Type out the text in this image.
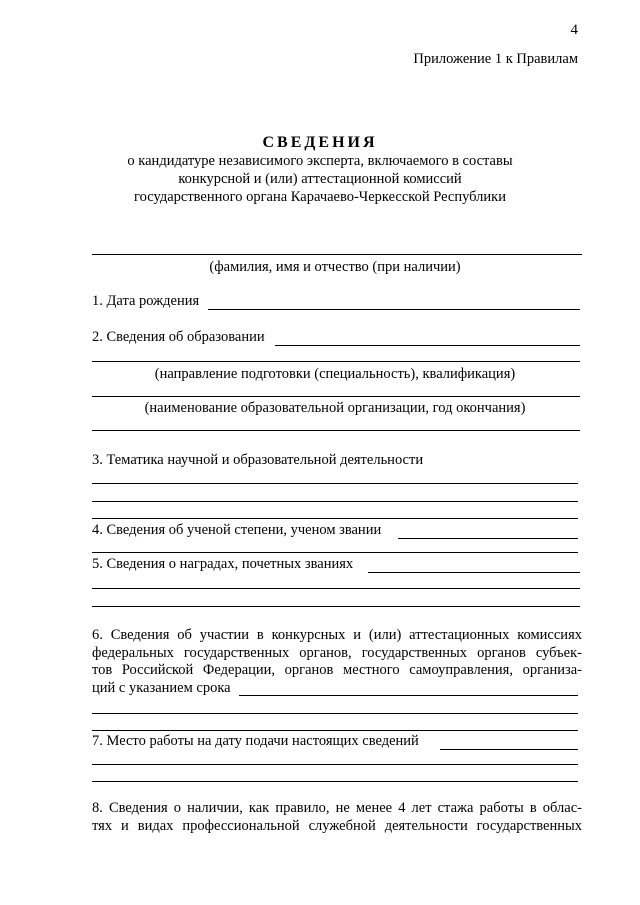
4
Приложение 1 к Правилам
СВЕДЕНИЯ
о кандидатуре независимого эксперта, включаемого в составы
конкурсной и (или) аттестационной комиссий
государственного органа Карачаево-Черкесской Республики
(фамилия, имя и отчество (при наличии)
1. Дата рождения
2. Сведения об образовании
(направление подготовки (специальность), квалификация)
(наименование образовательной организации, год окончания)
3. Тематика научной и образовательной деятельности
4. Сведения об ученой степени, ученом звании
5. Сведения о наградах, почетных званиях
6. Сведения об участии в конкурсных и (или) аттестационных комиссиях
федеральных государственных органов, государственных органов субъек-
тов Российской Федерации, органов местного самоуправления, организа-
ций с указанием срока
7. Место работы на дату подачи настоящих сведений
8. Сведения о наличии, как правило, не менее 4 лет стажа работы в облас-
тях и видах профессиональной служебной деятельности государственных
